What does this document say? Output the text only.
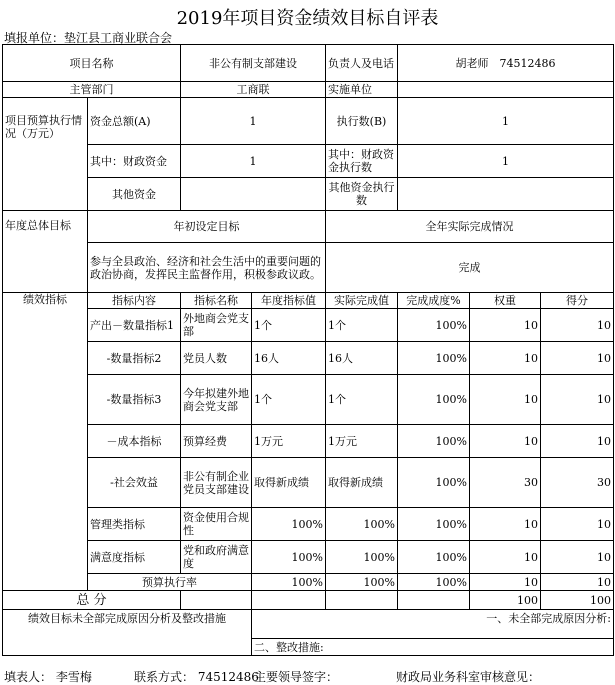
2019年项目资金绩效目标自评表
填报单位：垫江县工商业联合会
项目名称		非公有制支部建设		负责人及电话	胡老师　74512486		
主管部门		工商联		实施单位			
项目预算执行情况（万元）	资金总额(A)	1		执行数(B)	1		
	其中：财政资金	1		其中：财政资金执行数	1		
	其他资金			其他资金执行数			
年度总体目标	年初设定目标			全年实际完成情况			
	参与全县政治、经济和社会生活中的重要问题的政治协商，发挥民主监督作用，积极参政议政。			完成			
绩效指标	指标内容	指标名称	年度指标值	实际完成值	完成成度%	权重	得分
	产出－数量指标1	外地商会党支部	1个	1个	100%	10	10
	-数量指标2	党员人数	16人	16人	100%	10	10
	-数量指标3	今年拟建外地商会党支部	1个	1个	100%	10	10
	－成本指标	预算经费	1万元	1万元	100%	10	10
	-社会效益	非公有制企业党员支部建设	取得新成绩	取得新成绩	100%	30	30
	管理类指标	资金使用合规性	100%	100%	100%	10	10
	满意度指标	党和政府满意度	100%	100%	100%	10	10
	预算执行率		100%	100%	100%	10	10
总 分						100	100
绩效目标未全部完成原因分析及整改措施			一、未全部完成原因分析:				
			二、整改措施:				
填表人： 李雪梅	联系方式： 74512486
主要领导签字：	财政局业务科室审核意见：
